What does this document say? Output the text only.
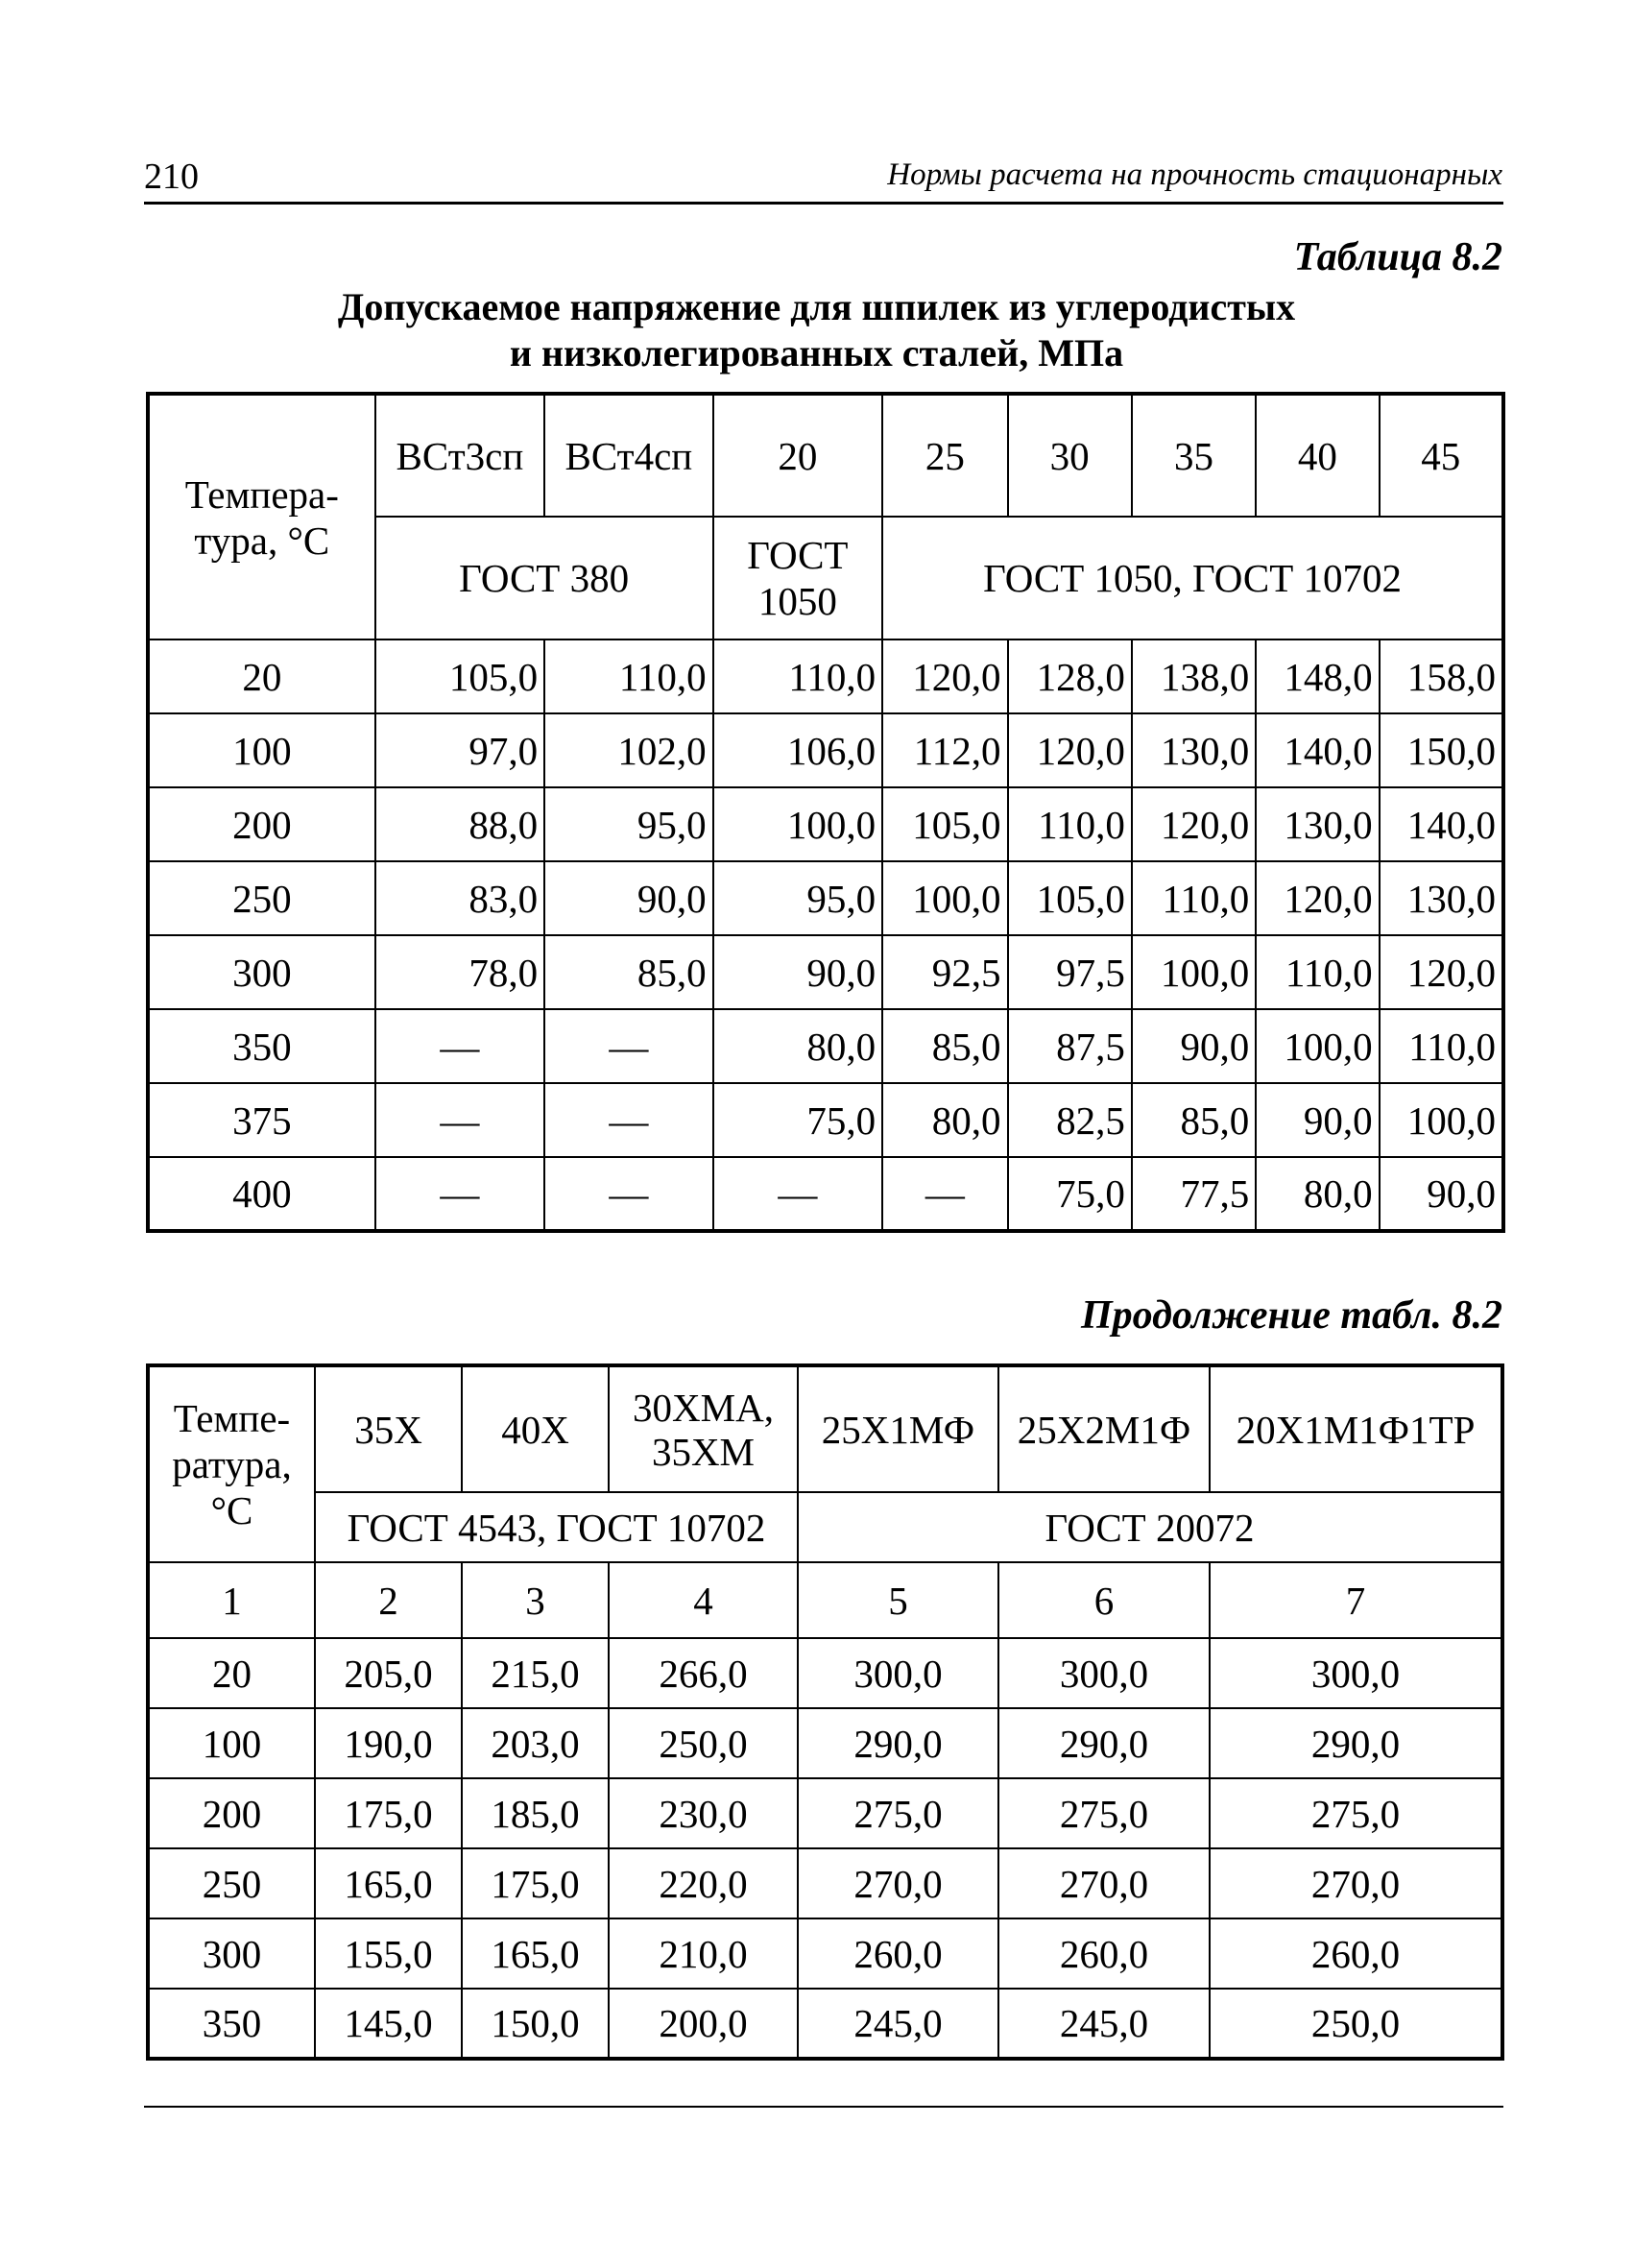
210	Нормы расчета на прочность стационарных
Таблица 8.2
Допускаемое напряжение для шпилек из углеродистых
и низколегированных сталей, МПа
Темпера-
тура, °С	ВСт3сп	ВСт4сп	20	25	30	35	40	45
	ГОСТ 380		ГОСТ
1050	ГОСТ 1050, ГОСТ 10702				
20	105,0	110,0	110,0	120,0	128,0	138,0	148,0	158,0
100	97,0	102,0	106,0	112,0	120,0	130,0	140,0	150,0
200	88,0	95,0	100,0	105,0	110,0	120,0	130,0	140,0
250	83,0	90,0	95,0	100,0	105,0	110,0	120,0	130,0
300	78,0	85,0	90,0	92,5	97,5	100,0	110,0	120,0
350	—	—	80,0	85,0	87,5	90,0	100,0	110,0
375	—	—	75,0	80,0	82,5	85,0	90,0	100,0
400	—	—	—	—	75,0	77,5	80,0	90,0
Продолжение табл. 8.2
Темпе-
ратура,
°С	35Х	40Х	30ХМА,
35ХМ	25Х1МФ	25Х2М1Ф	20Х1М1Ф1ТР
	ГОСТ 4543, ГОСТ 10702			ГОСТ 20072		
1	2	3	4	5	6	7
20	205,0	215,0	266,0	300,0	300,0	300,0
100	190,0	203,0	250,0	290,0	290,0	290,0
200	175,0	185,0	230,0	275,0	275,0	275,0
250	165,0	175,0	220,0	270,0	270,0	270,0
300	155,0	165,0	210,0	260,0	260,0	260,0
350	145,0	150,0	200,0	245,0	245,0	250,0
